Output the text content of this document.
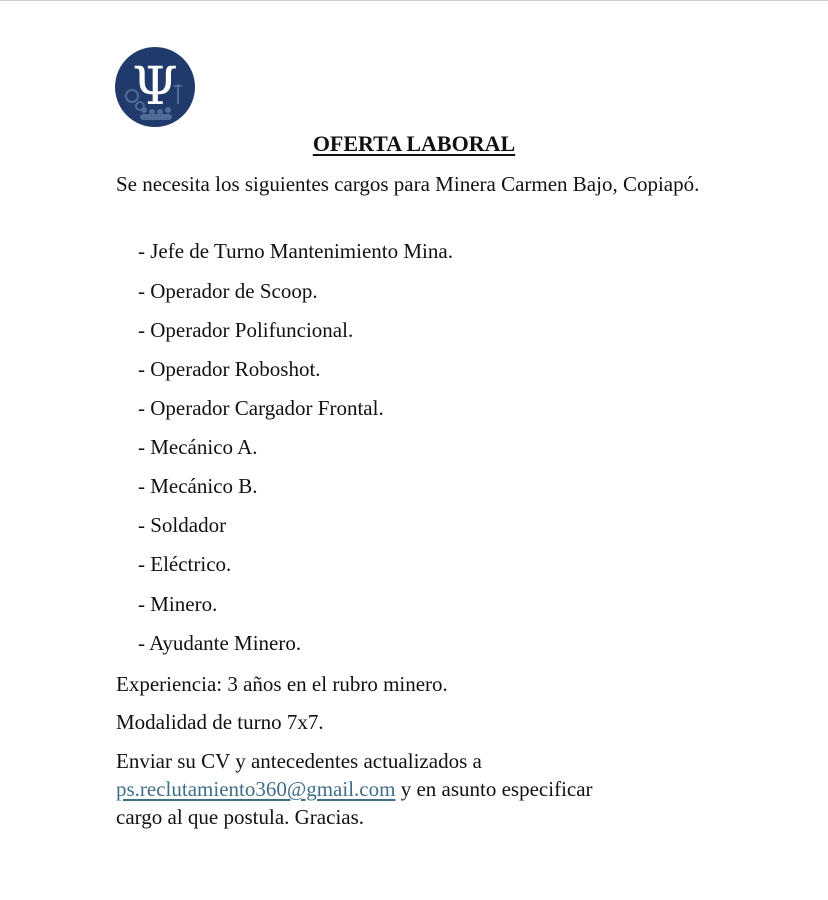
Ψ
OFERTA LABORAL
Se necesita los siguientes cargos para Minera Carmen Bajo, Copiapó.
- Jefe de Turno Mantenimiento Mina.
- Operador de Scoop.
- Operador Polifuncional.
- Operador Roboshot.
- Operador Cargador Frontal.
- Mecánico A.
- Mecánico B.
- Soldador
- Eléctrico.
- Minero.
- Ayudante Minero.
Experiencia: 3 años en el rubro minero.
Modalidad de turno 7x7.
Enviar su CV y antecedentes actualizados a
ps.reclutamiento360@gmail.com y en asunto especificar
cargo al que postula. Gracias.
